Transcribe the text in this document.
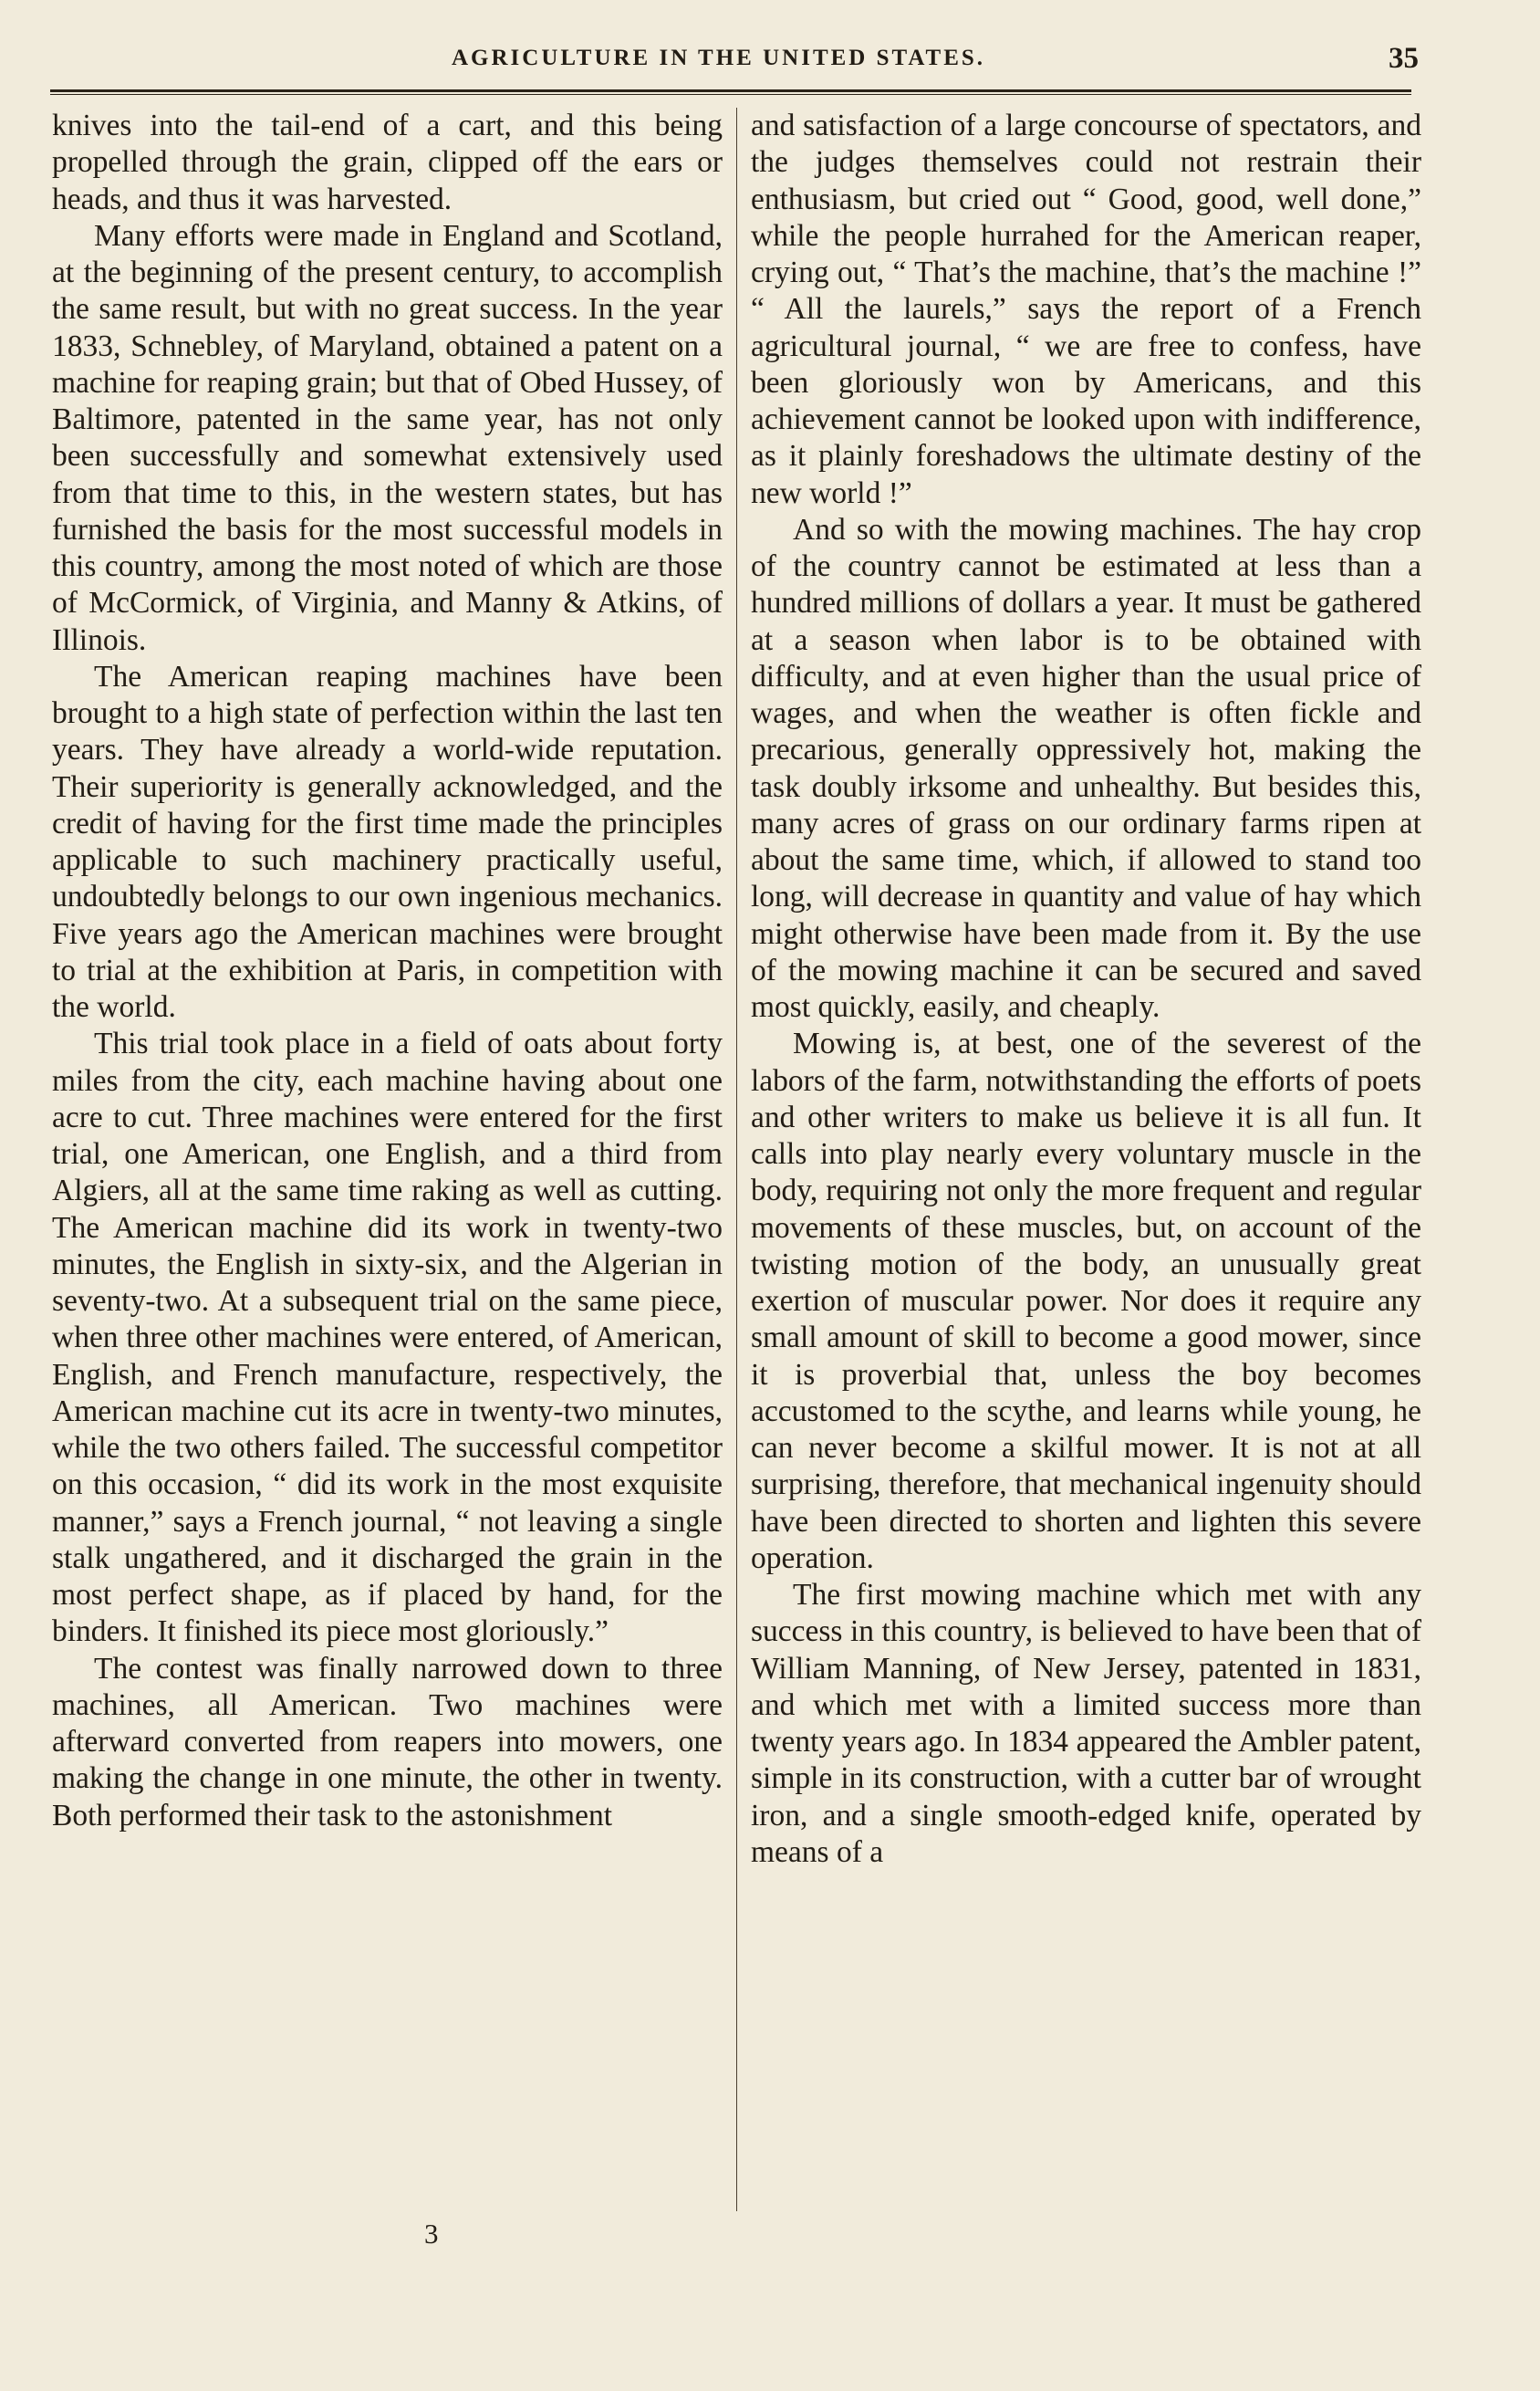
AGRICULTURE IN THE UNITED STATES.	35

knives into the tail-end of a cart, and this being propelled through the grain, clipped off the ears or heads, and thus it was harvested.

Many efforts were made in England and Scotland, at the beginning of the present century, to accomplish the same result, but with no great success. In the year 1833, Schnebley, of Maryland, obtained a patent on a machine for reaping grain; but that of Obed Hussey, of Baltimore, patented in the same year, has not only been successfully and somewhat extensively used from that time to this, in the western states, but has furnished the basis for the most successful models in this country, among the most noted of which are those of McCormick, of Virginia, and Manny & Atkins, of Illinois.

The American reaping machines have been brought to a high state of perfection within the last ten years. They have already a world-wide reputation. Their superiority is generally acknowledged, and the credit of having for the first time made the principles applicable to such machinery practically useful, undoubtedly belongs to our own ingenious mechanics. Five years ago the American machines were brought to trial at the exhibition at Paris, in competition with the world.

This trial took place in a field of oats about forty miles from the city, each machine having about one acre to cut. Three machines were entered for the first trial, one American, one English, and a third from Algiers, all at the same time raking as well as cutting. The American machine did its work in twenty-two minutes, the English in sixty-six, and the Algerian in seventy-two. At a subsequent trial on the same piece, when three other machines were entered, of American, English, and French manufacture, respectively, the American machine cut its acre in twenty-two minutes, while the two others failed. The successful competitor on this occasion, “ did its work in the most exquisite manner,” says a French journal, “ not leaving a single stalk ungathered, and it discharged the grain in the most perfect shape, as if placed by hand, for the binders. It finished its piece most gloriously.”

The contest was finally narrowed down to three machines, all American. Two machines were afterward converted from reapers into mowers, one making the change in one minute, the other in twenty. Both performed their task to the astonishment

and satisfaction of a large concourse of spectators, and the judges themselves could not restrain their enthusiasm, but cried out “ Good, good, well done,” while the people hurrahed for the American reaper, crying out, “ That’s the machine, that’s the machine !” “ All the laurels,” says the report of a French agricultural journal, “ we are free to confess, have been gloriously won by Americans, and this achievement cannot be looked upon with indifference, as it plainly foreshadows the ultimate destiny of the new world !”

And so with the mowing machines. The hay crop of the country cannot be estimated at less than a hundred millions of dollars a year. It must be gathered at a season when labor is to be obtained with difficulty, and at even higher than the usual price of wages, and when the weather is often fickle and precarious, generally oppressively hot, making the task doubly irksome and unhealthy. But besides this, many acres of grass on our ordinary farms ripen at about the same time, which, if allowed to stand too long, will decrease in quantity and value of hay which might otherwise have been made from it. By the use of the mowing machine it can be secured and saved most quickly, easily, and cheaply.

Mowing is, at best, one of the severest of the labors of the farm, notwithstanding the efforts of poets and other writers to make us believe it is all fun. It calls into play nearly every voluntary muscle in the body, requiring not only the more frequent and regular movements of these muscles, but, on account of the twisting motion of the body, an unusually great exertion of muscular power. Nor does it require any small amount of skill to become a good mower, since it is proverbial that, unless the boy becomes accustomed to the scythe, and learns while young, he can never become a skilful mower. It is not at all surprising, therefore, that mechanical ingenuity should have been directed to shorten and lighten this severe operation.

The first mowing machine which met with any success in this country, is believed to have been that of William Manning, of New Jersey, patented in 1831, and which met with a limited success more than twenty years ago. In 1834 appeared the Ambler patent, simple in its construction, with a cutter bar of wrought iron, and a single smooth-edged knife, operated by means of a

3
